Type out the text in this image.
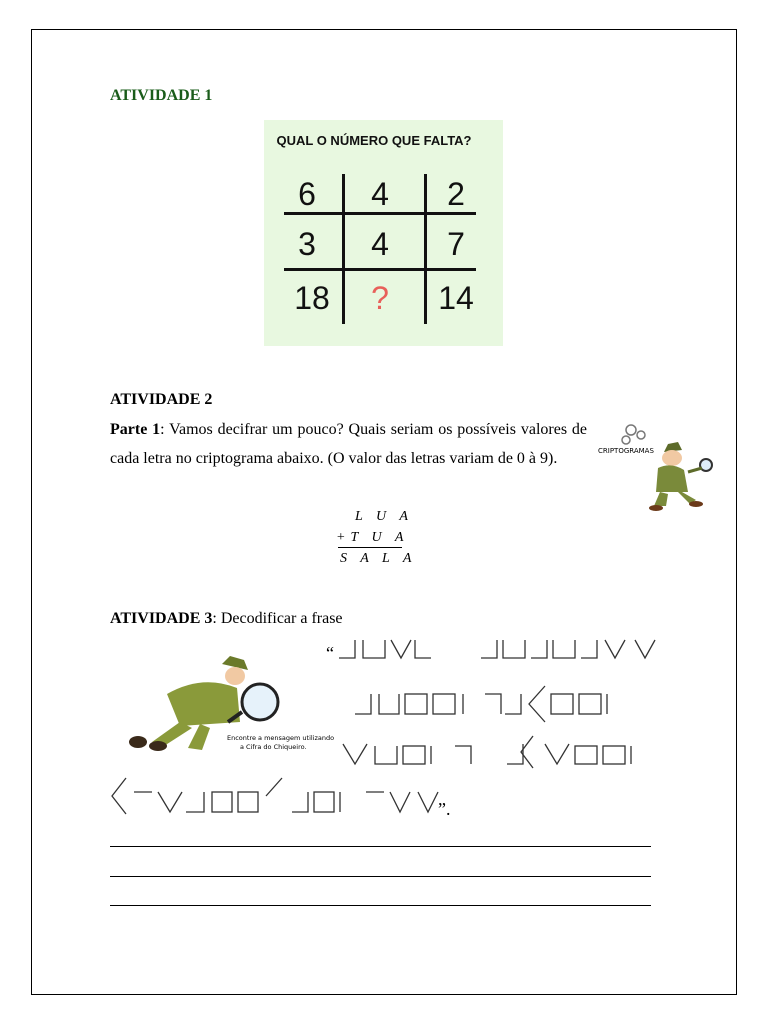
ATIVIDADE 1
QUAL O NÚMERO QUE FALTA?
6	4	2
3	4	7
18	?	14
ATIVIDADE 2
Parte 1: Vamos decifrar um pouco? Quais seriam os possíveis valores de cada letra no criptograma abaixo. (O valor das letras variam de 0 à 9).	CRIPTOGRAMAS
L U A
+T U A
S A L A
ATIVIDADE 3: Decodificar a frase
Encontre a mensagem utilizando
a Cifra do Chiqueiro.
“
”.
